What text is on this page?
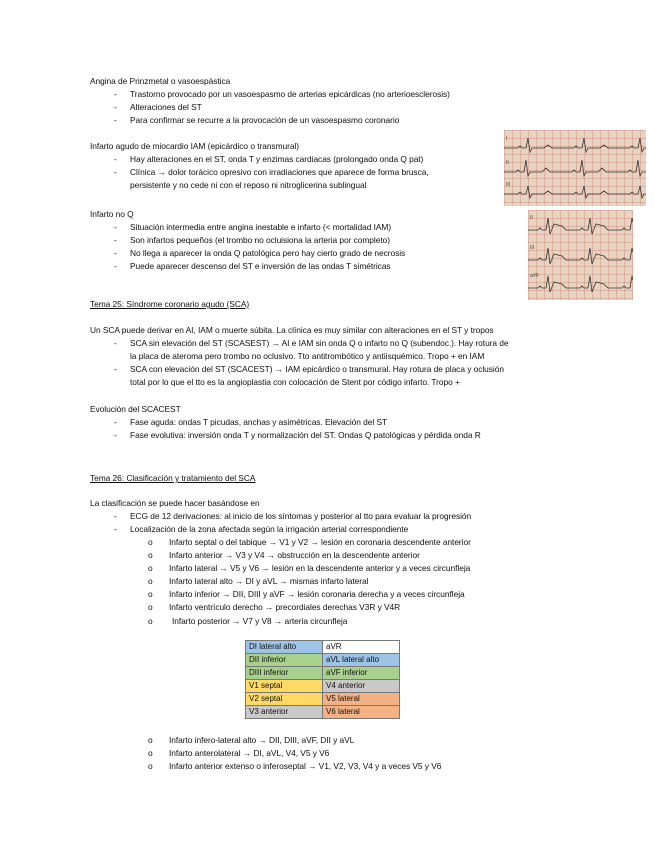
Angina de Prinzmetal o vasoespástica
- Trastorno provocado por un vasoespasmo de arterias epicárdicas (no arterioesclerosis)
- Alteraciones del ST
- Para confirmar se recurre a la provocación de un vasoespasmo coronario
Infarto agudo de miocardio IAM (epicárdico o transmural)
- Hay alteraciones en el ST, onda T y enzimas cardiacas (prolongado onda Q pat)
- Clínica → dolor torácico opresivo con irradiaciones que aparece de forma brusca,
persistente y no cede ni con el reposo ni nitroglicerina sublingual
I
II
III
Infarto no Q
- Situación intermedia entre angina inestable e infarto (< mortalidad IAM)
- Son infartos pequeños (el trombo no ocluisiona la arteria por completo)
- No llega a aparecer la onda Q patológica pero hay cierto grado de necrosis
- Puede aparecer descenso del ST e inversión de las ondas T simétricas
II
III
aVF
Tema 25: Síndrome coronario agudo (SCA)
Un SCA puede derivar en AI, IAM o muerte súbita. La clínica es muy similar con alteraciones en el ST y tropos
- SCA sin elevación del ST (SCASEST) → AI e IAM sin onda Q o infarto no Q (subendoc.). Hay rotura de
la placa de ateroma pero trombo no oclusivo. Tto antitrombótico y antiisquémico. Tropo + en IAM
- SCA con elevación del ST (SCACEST) → IAM epicárdico o transmural. Hay rotura de placa y oclusión
total por lo que el tto es la angioplastia con colocación de Stent por código infarto. Tropo +
Evolución del SCACEST
- Fase aguda: ondas T picudas, anchas y asimétricas. Elevación del ST
- Fase evolutiva: inversión onda T y normalización del ST. Ondas Q patológicas y pérdida onda R
Tema 26: Clasificación y tratamiento del SCA
La clasificación se puede hacer basándose en
- ECG de 12 derivaciones: al inicio de los síntomas y posterior al tto para evaluar la progresión
- Localización de la zona afectada según la irrigación arterial correspondiente
o Infarto septal o del tabique → V1 y V2 → lesión en coronaria descendente anterior
o Infarto anterior → V3 y V4 → obstrucción en la descendente anterior
o Infarto lateral → V5 y V6 → lesión en la descendente anterior y a veces circunfleja
o Infarto lateral alto → DI y aVL → mismas infarto lateral
o Infarto inferior → DII, DIII y aVF → lesión coronaria derecha y a veces circunfleja
o Infarto ventrículo derecho → precordiales derechas V3R y V4R
o Infarto posterior → V7 y V8 → arteria circunfleja
DI lateral alto	aVR
DII inferior	aVL lateral alto
DIII inferior	aVF inferior
V1 septal	V4 anterior
V2 septal	V5 lateral
V3 anterior	V6 lateral
o Infarto infero-lateral alto → DII, DIII, aVF, DII y aVL
o Infarto anterolateral → DI, aVL, V4, V5 y V6
o Infarto anterior extenso o inferoseptal → V1, V2, V3, V4 y a veces V5 y V6
